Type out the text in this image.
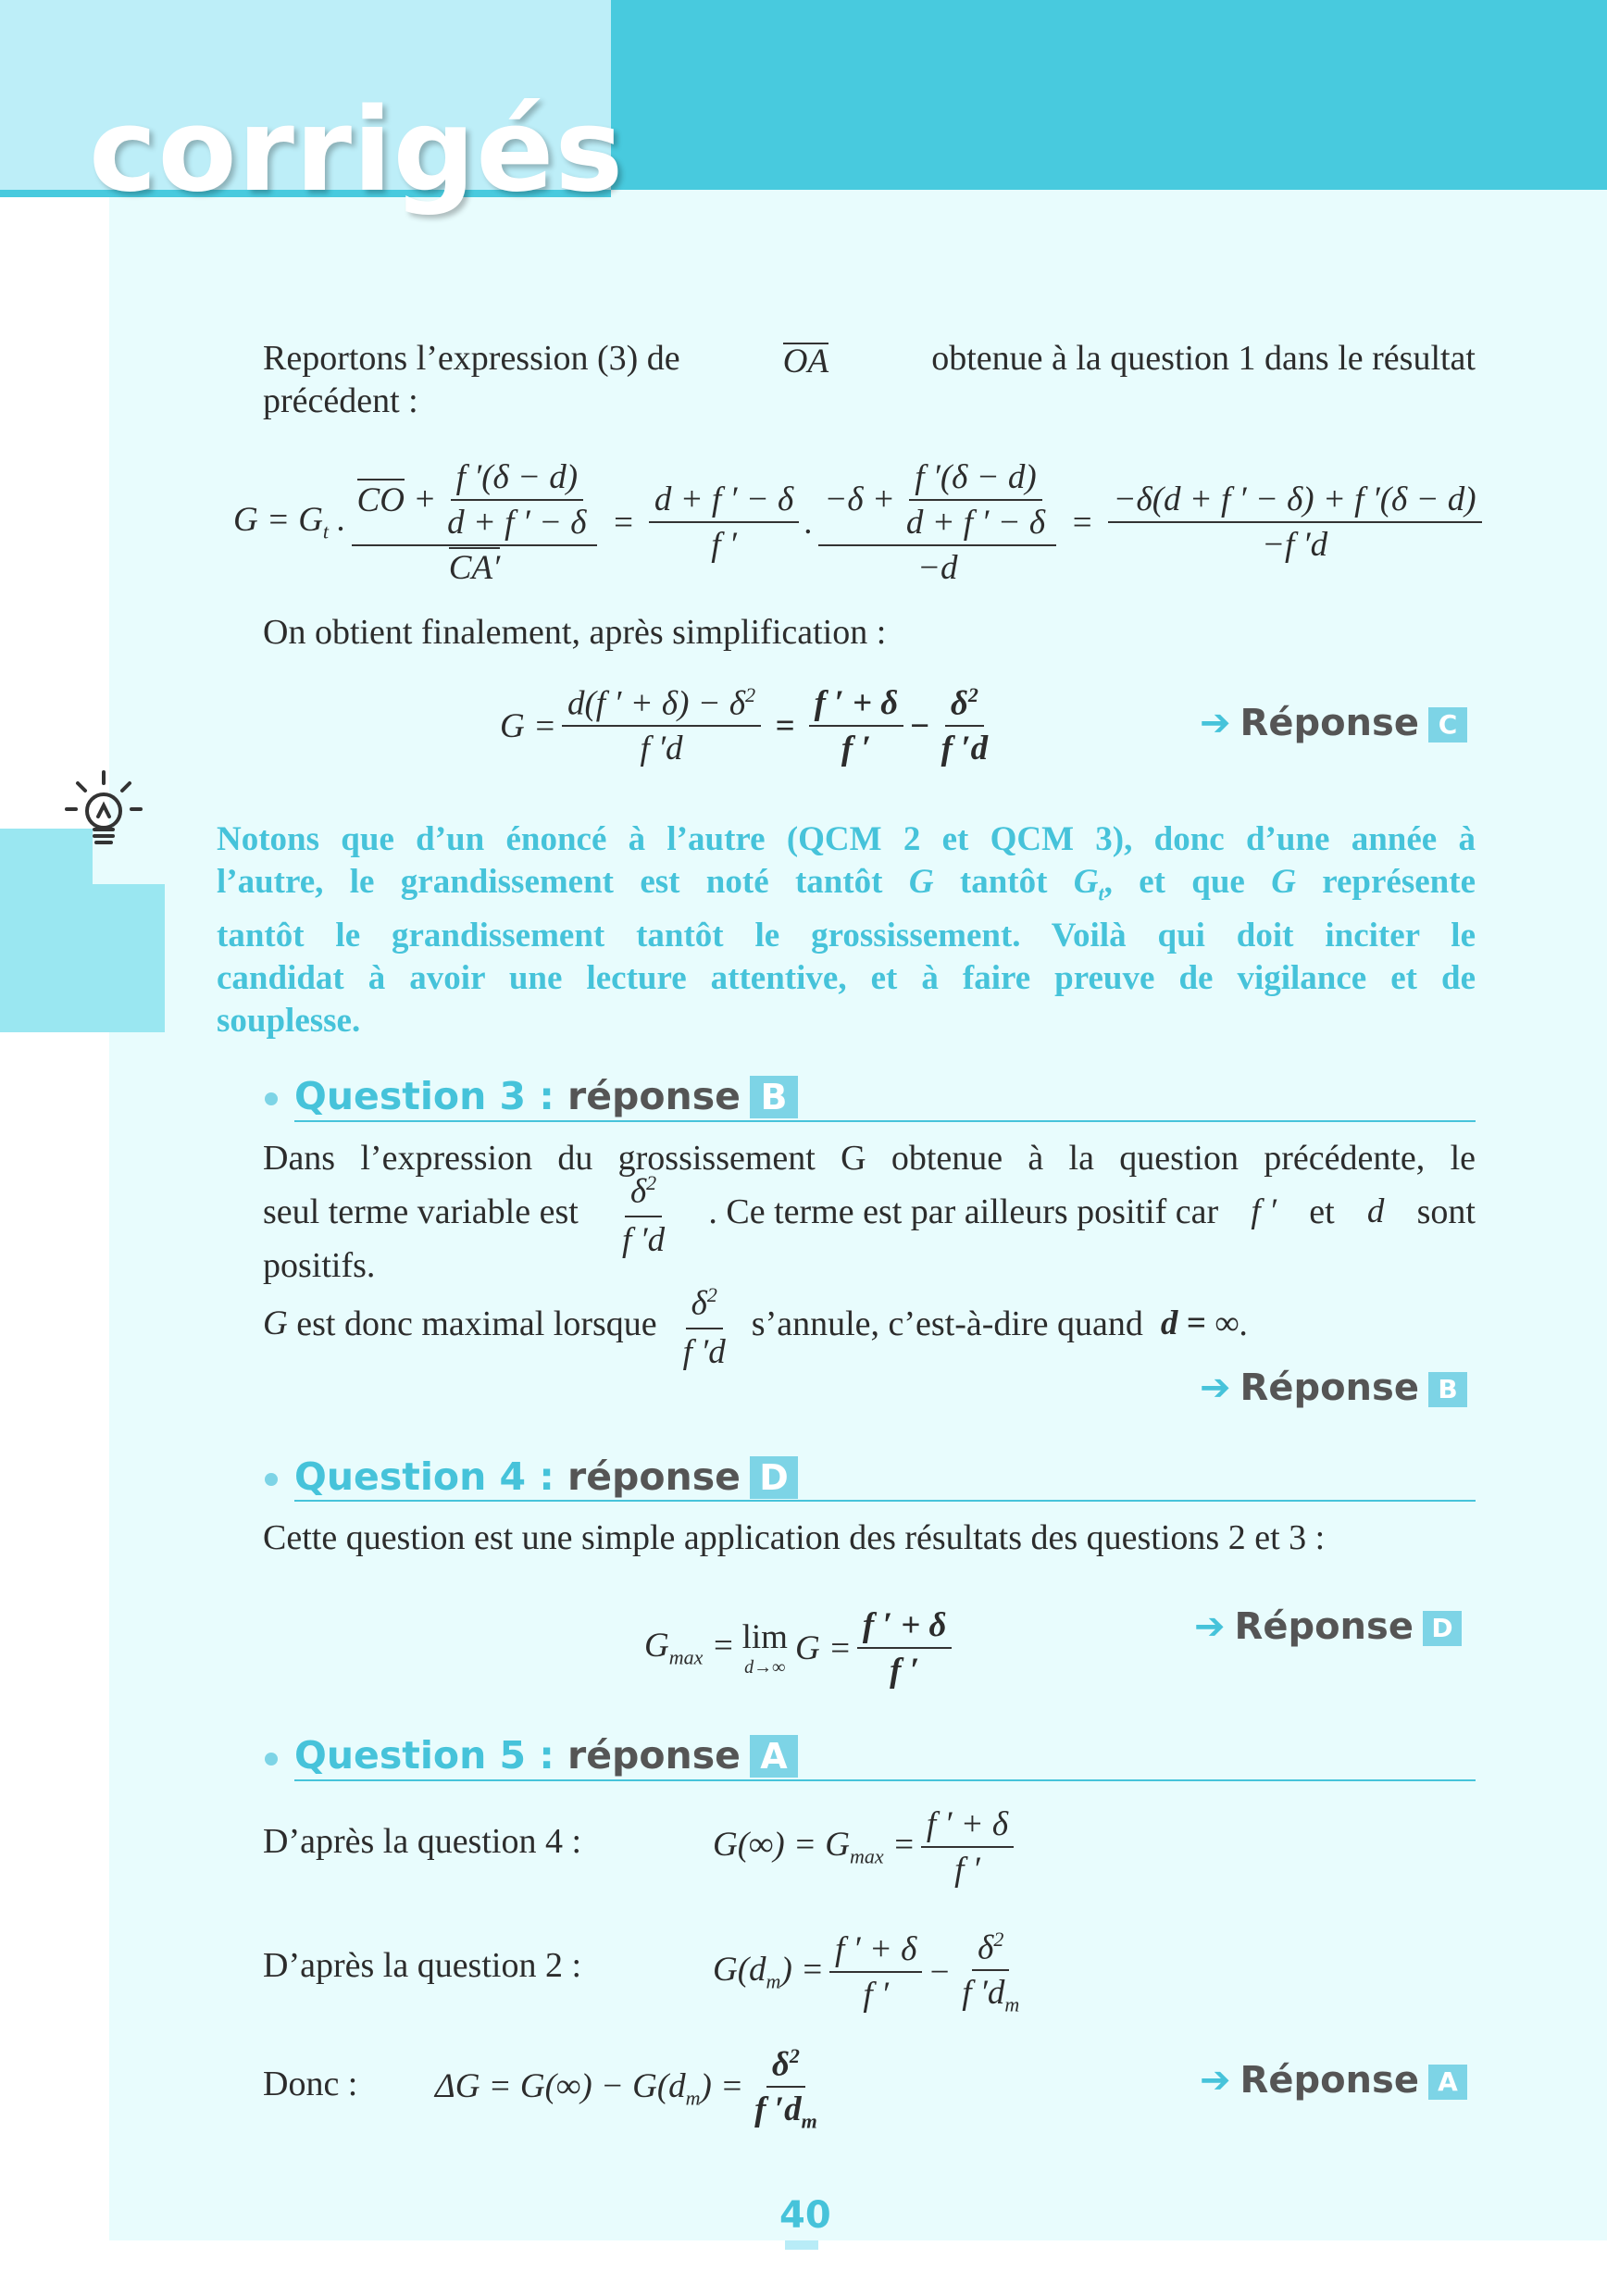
corrigés
Reportons l’expression (3) de	OA	obtenue à la question 1 dans le résultat
précédent :
$G = G_t$ . $\frac{CO + \frac{f '(\delta - d)}{d + f ' - \delta}}{CA'} = \frac{d + f ' - \delta}{f '}$ . $\frac{-\delta + \frac{f '(\delta - d)}{d + f ' - \delta}}{-d} = \frac{-\delta(d + f ' - \delta) + f '(\delta - d)}{-f 'd}$
On obtient finalement, après simplification :
$G = \frac{d(f ' + \delta) - \delta^2}{f 'd} = \frac{f ' + \delta}{f '} - \frac{\delta^2}{f 'd}$	➔ Réponse C
Notons que d’un énoncé à l’autre (QCM 2 et QCM 3), donc d’une année à
l’autre, le grandissement est noté tantôt G tantôt $G_t$, et que G représente
tantôt le grandissement tantôt le grossissement. Voilà qui doit inciter le
candidat à avoir une lecture attentive, et à faire preuve de vigilance et de
souplesse.
Question 3 : réponse B
Dans l’expression du grossissement G obtenue à la question précédente, le
seul terme variable est $\frac{\delta^2}{f 'd}$ . Ce terme est par ailleurs positif car f ′ et d sont
positifs.
G
est donc maximal lorsque $\frac{\delta^2}{f 'd}$ s’annule, c’est-à-dire quand
d = ∞ .
➔ Réponse B
Question 4 : réponse D
Cette question est une simple application des résultats des questions 2 et 3 :
$G_{max} = \lim$
d→∞
$G = \frac{f ' + \delta}{f '}$	➔ Réponse D
Question 5 : réponse A
D’après la question 4 :	$G(\infty) = G_{max} = \frac{f ' + \delta}{f '}$
D’après la question 2 :	$G(d_m) = \frac{f ' + \delta}{f '} - \frac{\delta^2}{f 'd_m}$
Donc : $\Delta G = G(\infty) - G(d_m) = \frac{\delta^2}{f 'd_m}$	➔ Réponse A
40
